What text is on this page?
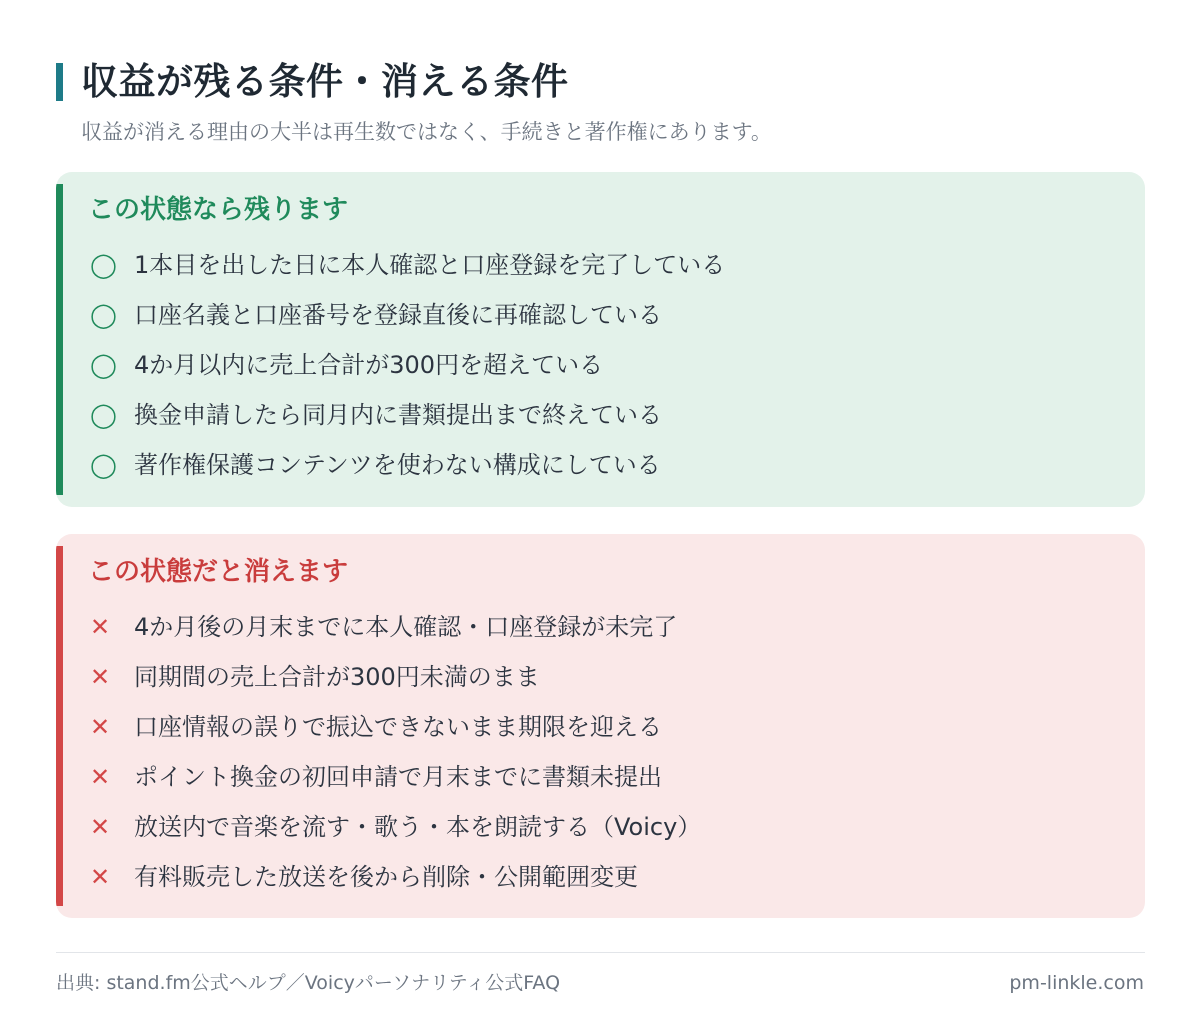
収益が残る条件・消える条件

収益が消える理由の大半は再生数ではなく、手続きと著作権にあります。

この状態なら残ります
◯ 1本目を出した日に本人確認と口座登録を完了している
◯ 口座名義と口座番号を登録直後に再確認している
◯ 4か月以内に売上合計が300円を超えている
◯ 換金申請したら同月内に書類提出まで終えている
◯ 著作権保護コンテンツを使わない構成にしている
この状態だと消えます
✕ 4か月後の月末までに本人確認・口座登録が未完了
✕ 同期間の売上合計が300円未満のまま
✕ 口座情報の誤りで振込できないまま期限を迎える
✕ ポイント換金の初回申請で月末までに書類未提出
✕ 放送内で音楽を流す・歌う・本を朗読する（Voicy）
✕ 有料販売した放送を後から削除・公開範囲変更

出典: stand.fm公式ヘルプ／Voicyパーソナリティ公式FAQ	pm-linkle.com
